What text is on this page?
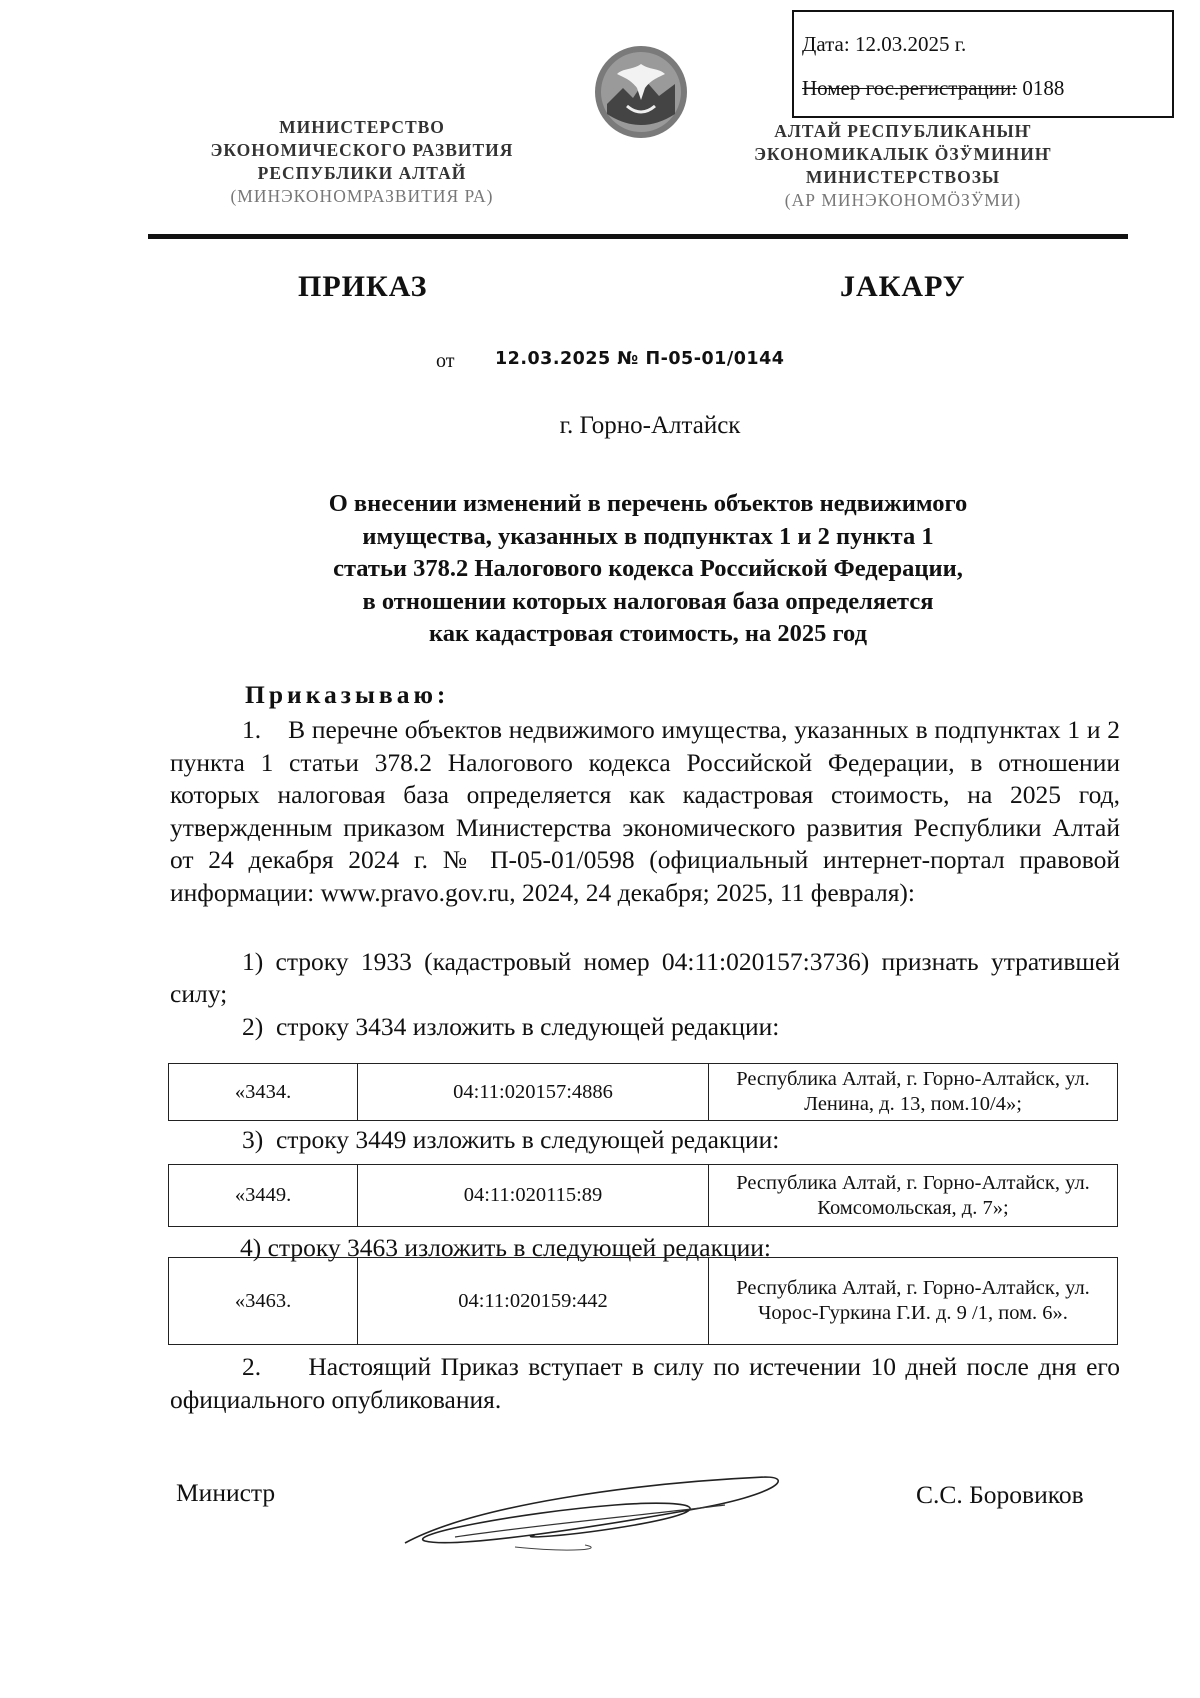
Дата: 12.03.2025 г.
Номер гос.регистрации: 0188
МИНИСТЕРСТВО
ЭКОНОМИЧЕСКОГО РАЗВИТИЯ
РЕСПУБЛИКИ АЛТАЙ
(МИНЭКОНОМРАЗВИТИЯ РА)
АЛТАЙ РЕСПУБЛИКАНЫҤ
ЭКОНОМИКАЛЫК ÖЗӰМИНИҤ
МИНИСТЕРСТВОЗЫ
(АР МИНЭКОНОМÖЗӰМИ)
ПРИКАЗ	JАКАРУ
от 12.03.2025 № П-05-01/0144
г. Горно-Алтайск
О внесении изменений в перечень объектов недвижимого
имущества, указанных в подпунктах 1 и 2 пункта 1
статьи 378.2 Налогового кодекса Российской Федерации,
в отношении которых налоговая база определяется
как кадастровая стоимость, на 2025 год
Приказываю:

1.    В перечне объектов недвижимого имущества, указанных в подпунктах 1 и 2 пункта 1 статьи 378.2 Налогового кодекса Российской Федерации, в отношении которых налоговая база определяется как кадастровая стоимость, на 2025 год, утвержденным приказом Министерства экономического развития Республики Алтай от 24 декабря 2024 г. № П-05-01/0598 (официальный интернет-портал правовой информации: www.pravo.gov.ru, 2024, 24 декабря; 2025, 11 февраля):

1) строку 1933 (кадастровый номер 04:11:020157:3736) признать утратившей силу;

2)  строку 3434 изложить в следующей редакции:

«3434.	04:11:020157:4886	Республика Алтай, г. Горно-Алтайск, ул. Ленина, д. 13, пом.10/4»;

3)  строку 3449 изложить в следующей редакции:

«3449.	04:11:020115:89	Республика Алтай, г. Горно-Алтайск, ул. Комсомольская, д. 7»;

4) строку 3463 изложить в следующей редакции:

«3463.	04:11:020159:442	Республика Алтай, г. Горно-Алтайск, ул. Чорос-Гуркина Г.И. д. 9 /1, пом. 6».

2.     Настоящий Приказ вступает в силу по истечении 10 дней после дня его официального опубликования.

Министр	С.С. Боровиков
